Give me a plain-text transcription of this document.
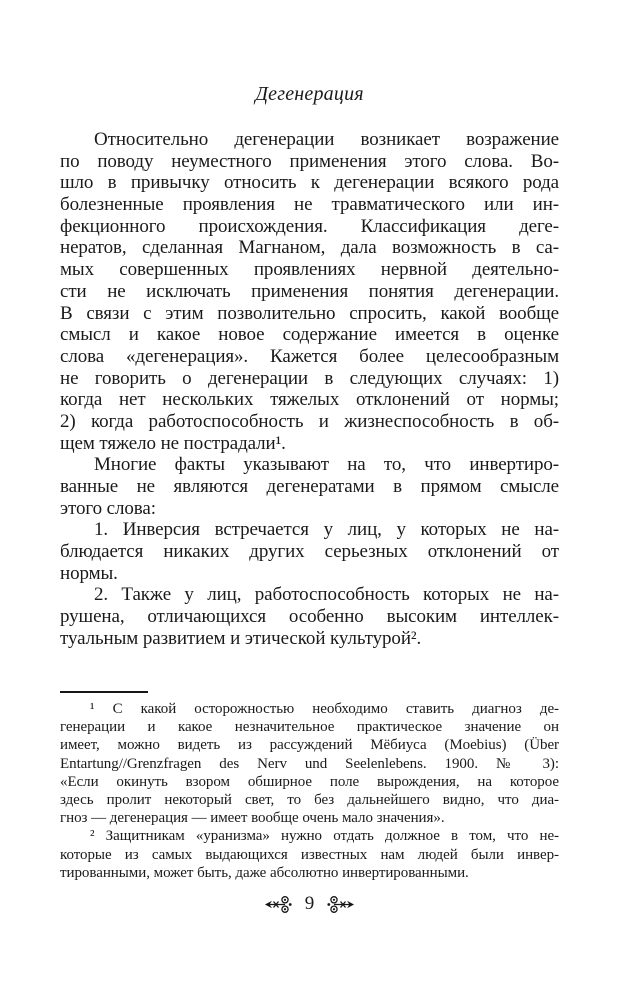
Дегенерация
Относительно дегенерации возникает возражение
по поводу неуместного применения этого слова. Во-
шло в привычку относить к дегенерации всякого рода
болезненные проявления не травматического или ин-
фекционного происхождения. Классификация деге-
нератов, сделанная Магнаном, дала возможность в са-
мых совершенных проявлениях нервной деятельно-
сти не исключать применения понятия дегенерации.
В связи с этим позволительно спросить, какой вообще
смысл и какое новое содержание имеется в оценке
слова «дегенерация». Кажется более целесообразным
не говорить о дегенерации в следующих случаях: 1)
когда нет нескольких тяжелых отклонений от нормы;
2) когда работоспособность и жизнеспособность в об-
щем тяжело не пострадали¹.
Многие факты указывают на то, что инвертиро-
ванные не являются дегенератами в прямом смысле
этого слова:
1. Инверсия встречается у лиц, у которых не на-
блюдается никаких других серьезных отклонений от
нормы.
2. Также у лиц, работоспособность которых не на-
рушена, отличающихся особенно высоким интеллек-
туальным развитием и этической культурой².
¹ С какой осторожностью необходимо ставить диагноз де-
генерации и какое незначительное практическое значение он
имеет, можно видеть из рассуждений Мёбиуса (Moebius) (Über
Entartung//Grenzfragen des Nerv und Seelenlebens. 1900. № 3):
«Если окинуть взором обширное поле вырождения, на которое
здесь пролит некоторый свет, то без дальнейшего видно, что диа-
гноз — дегенерация — имеет вообще очень мало значения».
² Защитникам «уранизма» нужно отдать должное в том, что не-
которые из самых выдающихся известных нам людей были инвер-
тированными, может быть, даже абсолютно инвертированными.
9
